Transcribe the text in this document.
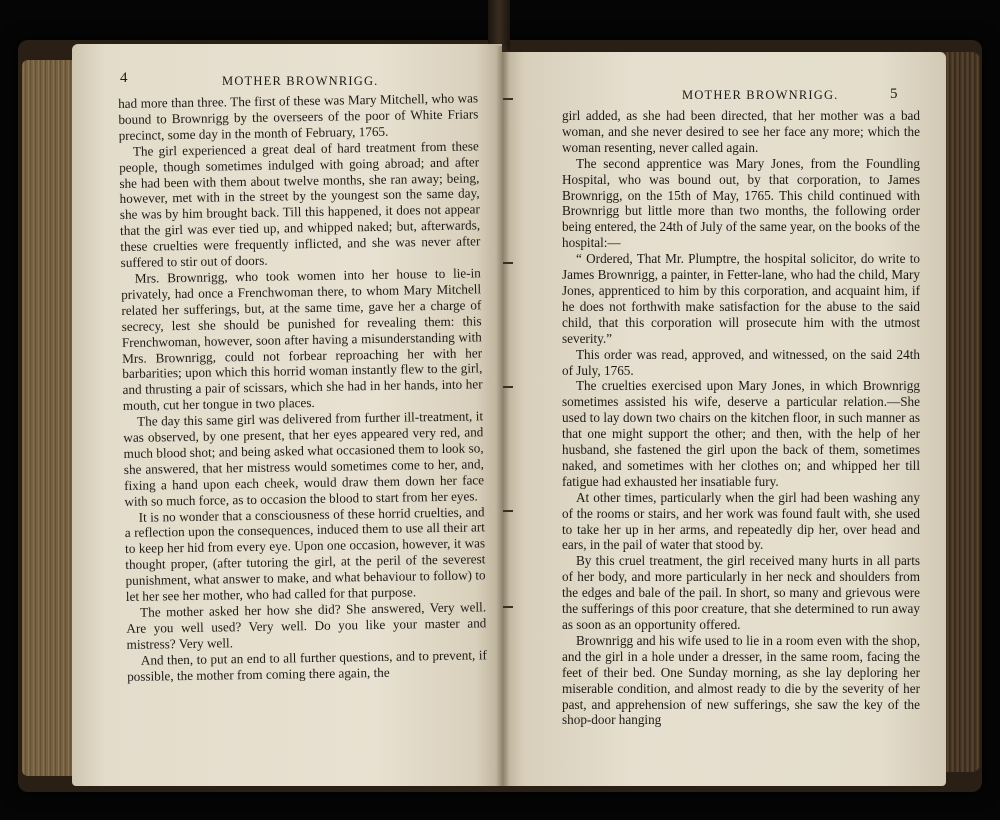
4	MOTHER BROWNRIGG.

had more than three. The first of these was Mary Mitchell, who was bound to Brownrigg by the overseers of the poor of White Friars precinct, some day in the month of February, 1765.

The girl experienced a great deal of hard treatment from these people, though sometimes indulged with going abroad; and after she had been with them about twelve months, she ran away; being, however, met with in the street by the youngest son the same day, she was by him brought back. Till this happened, it does not appear that the girl was ever tied up, and whipped naked; but, afterwards, these cruelties were frequently inflicted, and she was never after suffered to stir out of doors.

Mrs. Brownrigg, who took women into her house to lie-in privately, had once a Frenchwoman there, to whom Mary Mitchell related her sufferings, but, at the same time, gave her a charge of secrecy, lest she should be punished for revealing them: this Frenchwoman, however, soon after having a misunderstanding with Mrs. Brownrigg, could not forbear reproaching her with her barbarities; upon which this horrid woman instantly flew to the girl, and thrusting a pair of scissars, which she had in her hands, into her mouth, cut her tongue in two places.

The day this same girl was delivered from further ill-treatment, it was observed, by one present, that her eyes appeared very red, and much blood shot; and being asked what occasioned them to look so, she answered, that her mistress would sometimes come to her, and, fixing a hand upon each cheek, would draw them down her face with so much force, as to occasion the blood to start from her eyes.

It is no wonder that a consciousness of these horrid cruelties, and a reflection upon the consequences, induced them to use all their art to keep her hid from every eye. Upon one occasion, however, it was thought proper, (after tutoring the girl, at the peril of the severest punishment, what answer to make, and what behaviour to follow) to let her see her mother, who had called for that purpose.

The mother asked her how she did? She answered, Very well. Are you well used? Very well. Do you like your master and mistress? Very well.

And then, to put an end to all further questions, and to prevent, if possible, the mother from coming there again, the

MOTHER BROWNRIGG.	5

girl added, as she had been directed, that her mother was a bad woman, and she never desired to see her face any more; which the woman resenting, never called again.

The second apprentice was Mary Jones, from the Foundling Hospital, who was bound out, by that corporation, to James Brownrigg, on the 15th of May, 1765. This child continued with Brownrigg but little more than two months, the following order being entered, the 24th of July of the same year, on the books of the hospital:—

“ Ordered, That Mr. Plumptre, the hospital solicitor, do write to James Brownrigg, a painter, in Fetter-lane, who had the child, Mary Jones, apprenticed to him by this corporation, and acquaint him, if he does not forthwith make satisfaction for the abuse to the said child, that this corporation will prosecute him with the utmost severity.”

This order was read, approved, and witnessed, on the said 24th of July, 1765.

The cruelties exercised upon Mary Jones, in which Brownrigg sometimes assisted his wife, deserve a particular relation.—She used to lay down two chairs on the kitchen floor, in such manner as that one might support the other; and then, with the help of her husband, she fastened the girl upon the back of them, sometimes naked, and sometimes with her clothes on; and whipped her till fatigue had exhausted her insatiable fury.

At other times, particularly when the girl had been washing any of the rooms or stairs, and her work was found fault with, she used to take her up in her arms, and repeatedly dip her, over head and ears, in the pail of water that stood by.

By this cruel treatment, the girl received many hurts in all parts of her body, and more particularly in her neck and shoulders from the edges and bale of the pail. In short, so many and grievous were the sufferings of this poor creature, that she determined to run away as soon as an opportunity offered.

Brownrigg and his wife used to lie in a room even with the shop, and the girl in a hole under a dresser, in the same room, facing the feet of their bed. One Sunday morning, as she lay deploring her miserable condition, and almost ready to die by the severity of her past, and apprehension of new sufferings, she saw the key of the shop-door hanging
